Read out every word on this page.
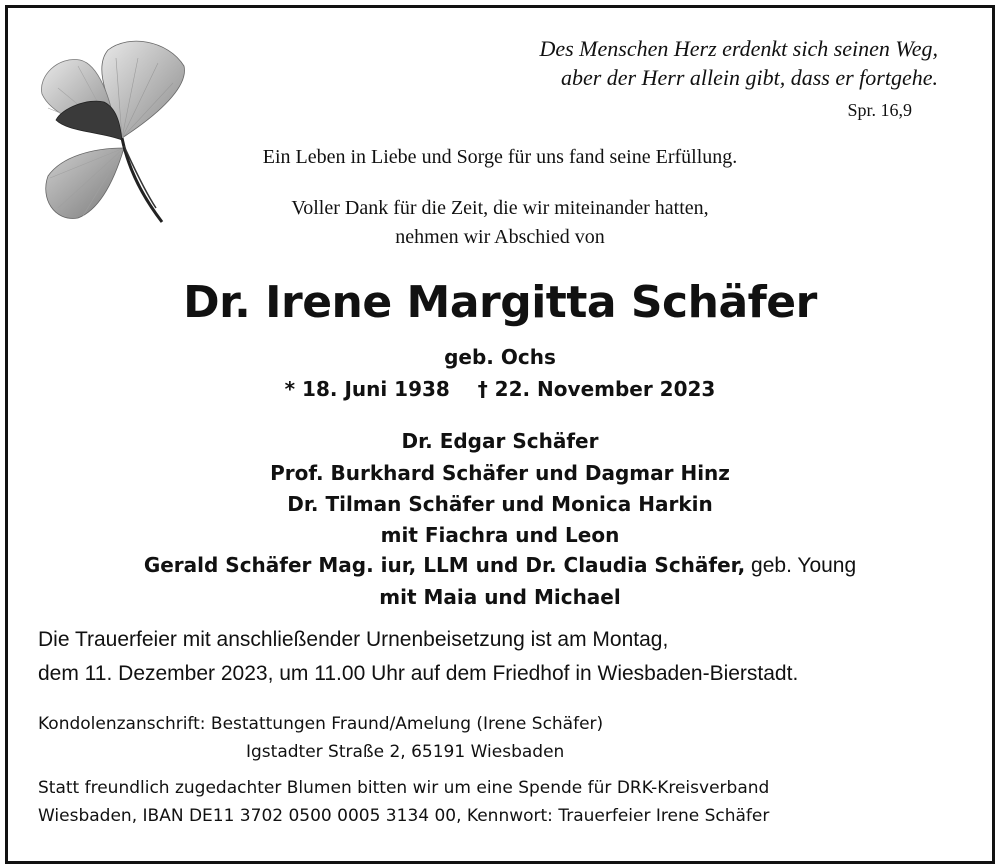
Des Menschen Herz erdenkt sich seinen Weg,
aber der Herr allein gibt, dass er fortgehe.
Spr. 16,9
Ein Leben in Liebe und Sorge für uns fand seine Erfüllung.
Voller Dank für die Zeit, die wir miteinander hatten,
nehmen wir Abschied von
Dr. Irene Margitta Schäfer
geb. Ochs
* 18. Juni 1938 † 22. November 2023
Dr. Edgar Schäfer
Prof. Burkhard Schäfer und Dagmar Hinz
Dr. Tilman Schäfer und Monica Harkin
mit Fiachra und Leon
Gerald Schäfer Mag. iur, LLM und Dr. Claudia Schäfer, geb. Young
mit Maia und Michael
Die Trauerfeier mit anschließender Urnenbeisetzung ist am Montag,
dem 11. Dezember 2023, um 11.00 Uhr auf dem Friedhof in Wiesbaden-Bierstadt.
Kondolenzanschrift: Bestattungen Fraund/Amelung (Irene Schäfer)
Igstadter Straße 2, 65191 Wiesbaden
Statt freundlich zugedachter Blumen bitten wir um eine Spende für DRK-Kreisverband
Wiesbaden, IBAN DE11 3702 0500 0005 3134 00, Kennwort: Trauerfeier Irene Schäfer
